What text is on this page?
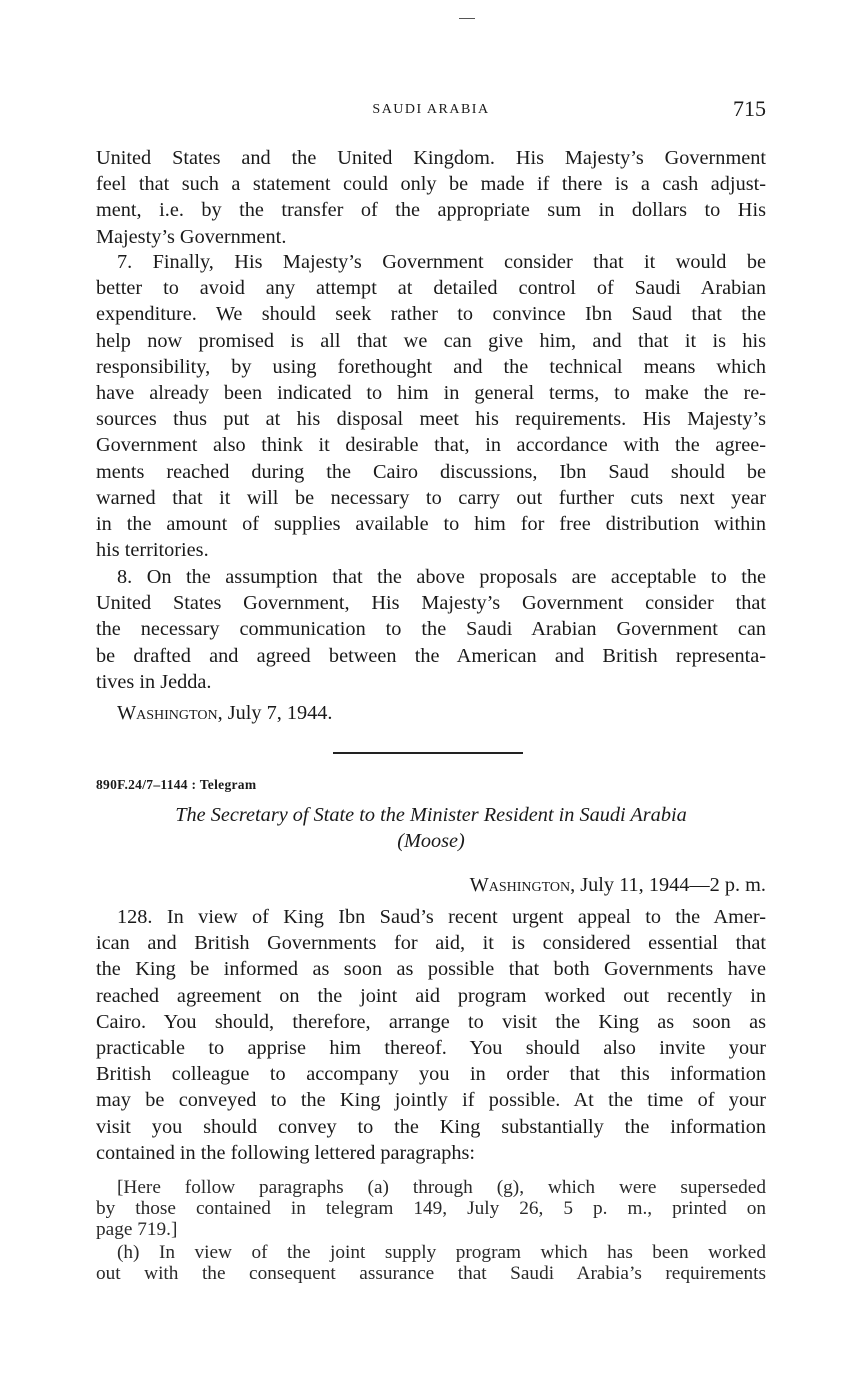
SAUDI ARABIA	715
United States and the United Kingdom. His Majesty’s Government
feel that such a statement could only be made if there is a cash adjust-
ment, i.e. by the transfer of the appropriate sum in dollars to His
Majesty’s Government.
7. Finally, His Majesty’s Government consider that it would be
better to avoid any attempt at detailed control of Saudi Arabian
expenditure. We should seek rather to convince Ibn Saud that the
help now promised is all that we can give him, and that it is his
responsibility, by using forethought and the technical means which
have already been indicated to him in general terms, to make the re-
sources thus put at his disposal meet his requirements. His Majesty’s
Government also think it desirable that, in accordance with the agree-
ments reached during the Cairo discussions, Ibn Saud should be
warned that it will be necessary to carry out further cuts next year
in the amount of supplies available to him for free distribution within
his territories.
8. On the assumption that the above proposals are acceptable to the
United States Government, His Majesty’s Government consider that
the necessary communication to the Saudi Arabian Government can
be drafted and agreed between the American and British representa-
tives in Jedda.
Washington, July 7, 1944.
890F.24/7–1144 : Telegram
The Secretary of State to the Minister Resident in Saudi Arabia
(Moose)
Washington, July 11, 1944—2 p. m.
128. In view of King Ibn Saud’s recent urgent appeal to the Amer-
ican and British Governments for aid, it is considered essential that
the King be informed as soon as possible that both Governments have
reached agreement on the joint aid program worked out recently in
Cairo. You should, therefore, arrange to visit the King as soon as
practicable to apprise him thereof. You should also invite your
British colleague to accompany you in order that this information
may be conveyed to the King jointly if possible. At the time of your
visit you should convey to the King substantially the information
contained in the following lettered paragraphs:
[Here follow paragraphs (a) through (g), which were superseded
by those contained in telegram 149, July 26, 5 p. m., printed on
page 719.]
(h) In view of the joint supply program which has been worked
out with the consequent assurance that Saudi Arabia’s requirements
